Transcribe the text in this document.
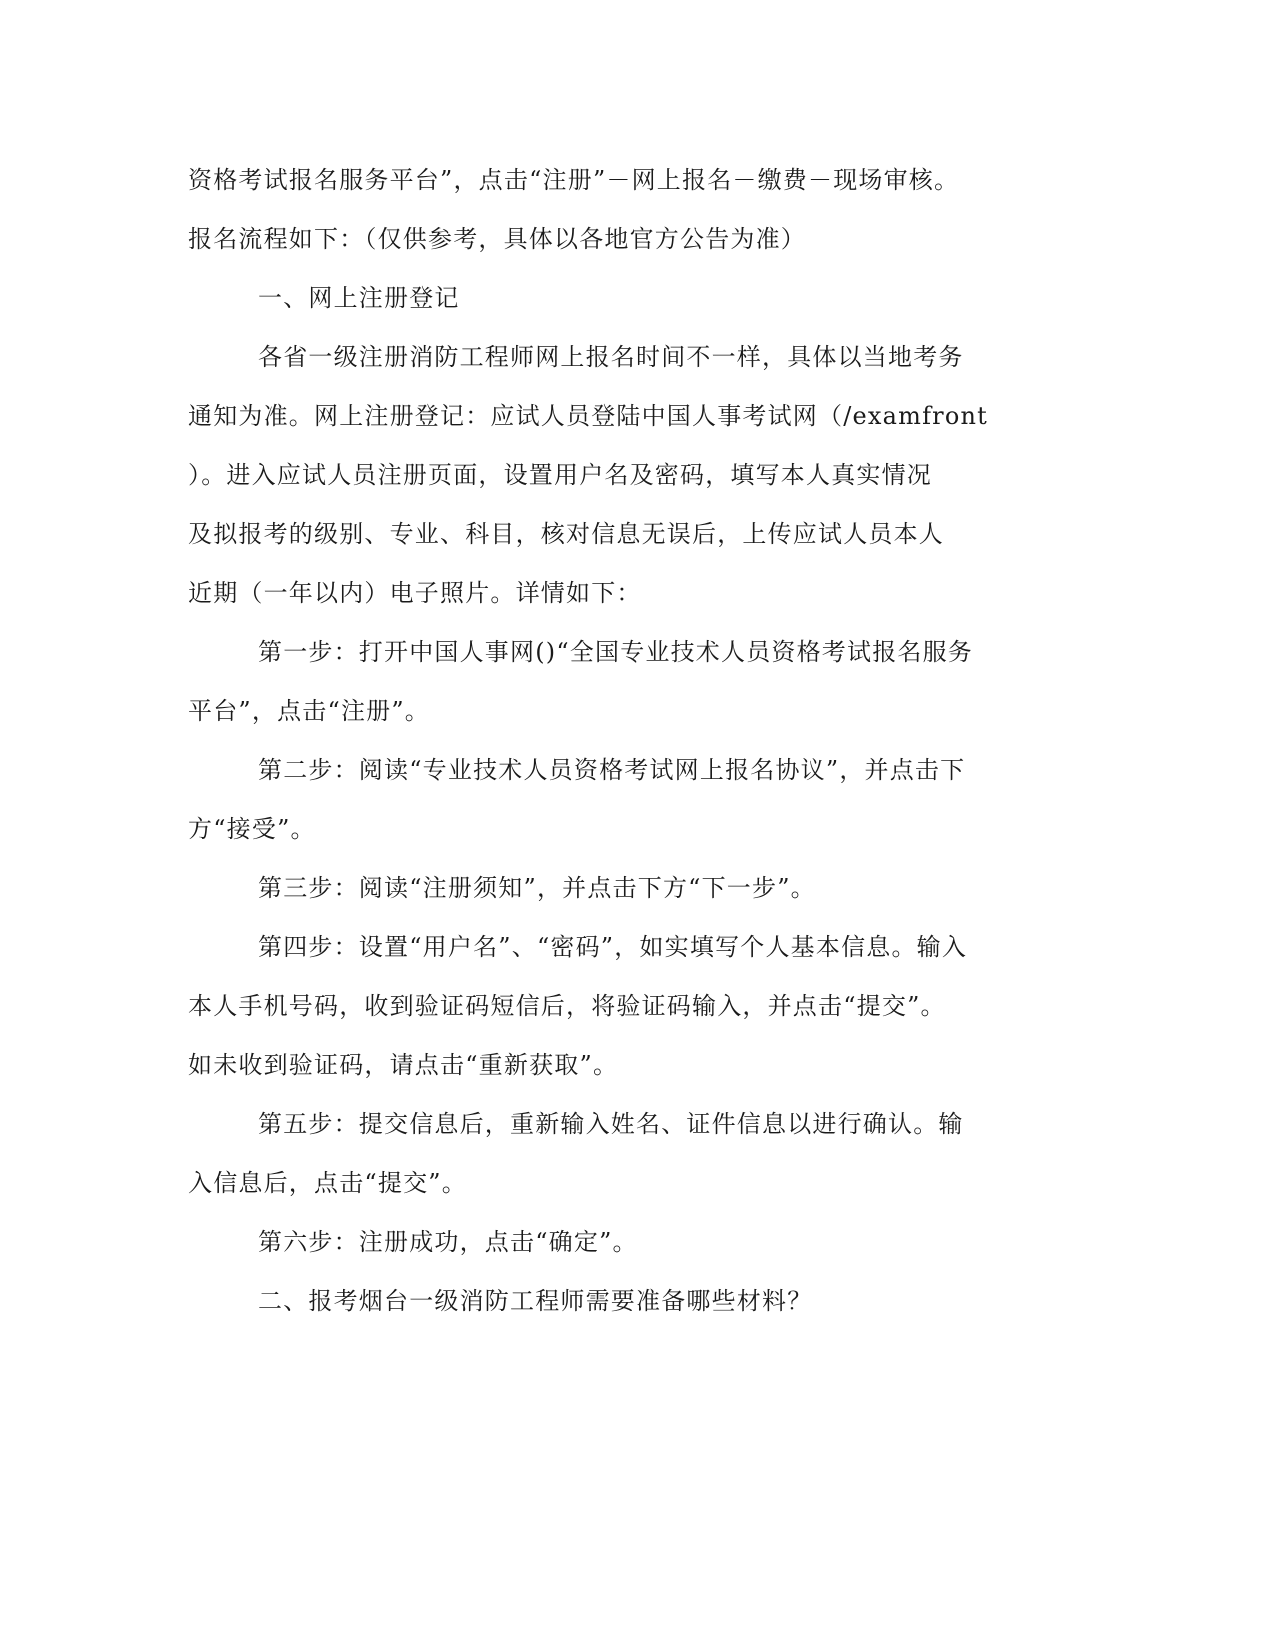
资格考试报名服务平台”，点击“注册”－网上报名－缴费－现场审核。
报名流程如下：（仅供参考，具体以各地官方公告为准）
一、网上注册登记
各省一级注册消防工程师网上报名时间不一样，具体以当地考务
通知为准。网上注册登记：应试人员登陆中国人事考试网（/examfront
）。进入应试人员注册页面，设置用户名及密码，填写本人真实情况
及拟报考的级别、专业、科目，核对信息无误后，上传应试人员本人
近期（一年以内）电子照片。详情如下：
第一步：打开中国人事网()“全国专业技术人员资格考试报名服务
平台”，点击“注册”。
第二步：阅读“专业技术人员资格考试网上报名协议”，并点击下
方“接受”。
第三步：阅读“注册须知”，并点击下方“下一步”。
第四步：设置“用户名”、“密码”，如实填写个人基本信息。输入
本人手机号码，收到验证码短信后，将验证码输入，并点击“提交”。
如未收到验证码，请点击“重新获取”。
第五步：提交信息后，重新输入姓名、证件信息以进行确认。输
入信息后，点击“提交”。
第六步：注册成功，点击“确定”。
二、报考烟台一级消防工程师需要准备哪些材料？
